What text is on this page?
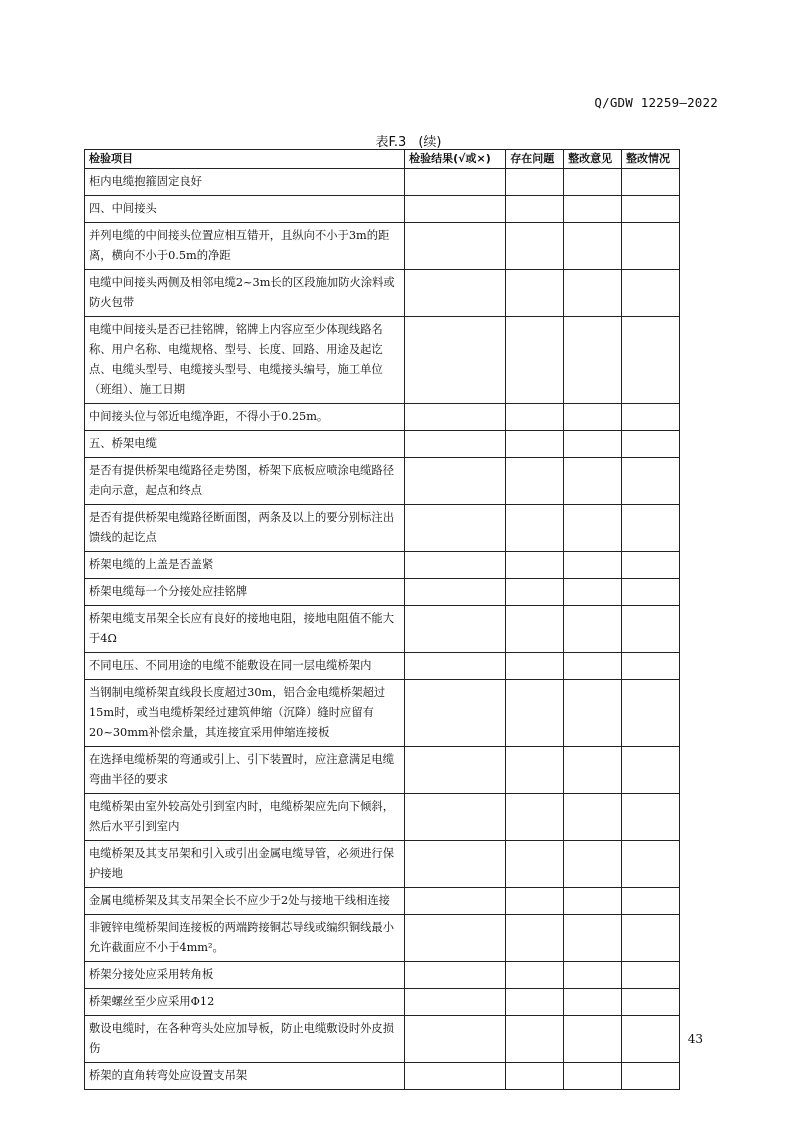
Q/GDW 12259—2022
表F.3 (续)
检验项目	检验结果(√或×)	存在问题	整改意见	整改情况
柜内电缆抱箍固定良好				
四、中间接头				
并列电缆的中间接头位置应相互错开，且纵向不小于3m的距离，横向不小于0.5m的净距				
电缆中间接头两侧及相邻电缆2~3m长的区段施加防火涂料或防火包带				
电缆中间接头是否已挂铭牌，铭牌上内容应至少体现线路名称、用户名称、电缆规格、型号、长度、回路、用途及起讫点、电缆头型号、电缆接头型号、电缆接头编号，施工单位（班组）、施工日期				
中间接头位与邻近电缆净距，不得小于0.25m。				
五、桥架电缆				
是否有提供桥架电缆路径走势图，桥架下底板应喷涂电缆路径走向示意，起点和终点				
是否有提供桥架电缆路径断面图，两条及以上的要分别标注出馈线的起讫点				
桥架电缆的上盖是否盖紧				
桥架电缆每一个分接处应挂铭牌				
桥架电缆支吊架全长应有良好的接地电阻，接地电阻值不能大于4Ω				
不同电压、不同用途的电缆不能敷设在同一层电缆桥架内				
当钢制电缆桥架直线段长度超过30m，铝合金电缆桥架超过15m时，或当电缆桥架经过建筑伸缩（沉降）缝时应留有20~30mm补偿余量，其连接宜采用伸缩连接板				
在选择电缆桥架的弯通或引上、引下装置时，应注意满足电缆弯曲半径的要求				
电缆桥架由室外较高处引到室内时，电缆桥架应先向下倾斜，然后水平引到室内				
电缆桥架及其支吊架和引入或引出金属电缆导管，必须进行保护接地				
金属电缆桥架及其支吊架全长不应少于2处与接地干线相连接				
非镀锌电缆桥架间连接板的两端跨接铜芯导线或编织铜线最小允许截面应不小于4mm²。				
桥架分接处应采用转角板				
桥架螺丝至少应采用Φ12				
敷设电缆时，在各种弯头处应加导板，防止电缆敷设时外皮损伤				
桥架的直角转弯处应设置支吊架				
43
